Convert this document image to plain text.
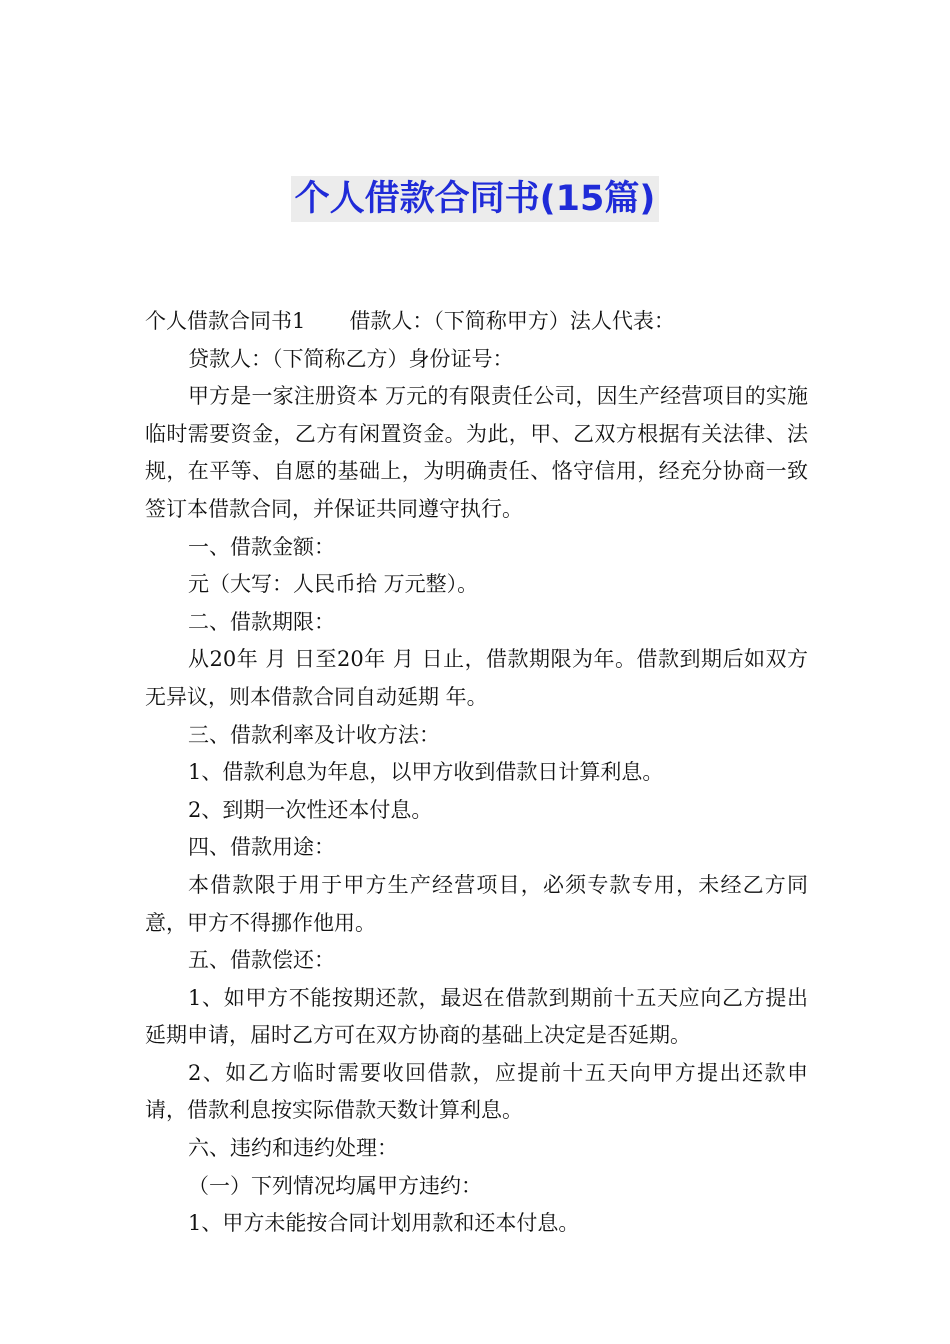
个人借款合同书(15篇)

个人借款合同书1 借款人：（下简称甲方）法人代表：

贷款人：（下简称乙方）身份证号：

甲方是一家注册资本 万元的有限责任公司，因生产经营项目的实施临时需要资金，乙方有闲置资金。为此，甲、乙双方根据有关法律、法规，在平等、自愿的基础上，为明确责任、恪守信用，经充分协商一致签订本借款合同，并保证共同遵守执行。

一、借款金额：

元（大写：人民币拾 万元整）。

二、借款期限：

从20年 月 日至20年 月 日止，借款期限为年。借款到期后如双方无异议，则本借款合同自动延期 年。

三、借款利率及计收方法：

1、借款利息为年息，以甲方收到借款日计算利息。

2、到期一次性还本付息。

四、借款用途：

本借款限于用于甲方生产经营项目，必须专款专用，未经乙方同意，甲方不得挪作他用。

五、借款偿还：

1、如甲方不能按期还款，最迟在借款到期前十五天应向乙方提出延期申请，届时乙方可在双方协商的基础上决定是否延期。

2、如乙方临时需要收回借款，应提前十五天向甲方提出还款申请，借款利息按实际借款天数计算利息。

六、违约和违约处理：

（一）下列情况均属甲方违约：

1、甲方未能按合同计划用款和还本付息。
